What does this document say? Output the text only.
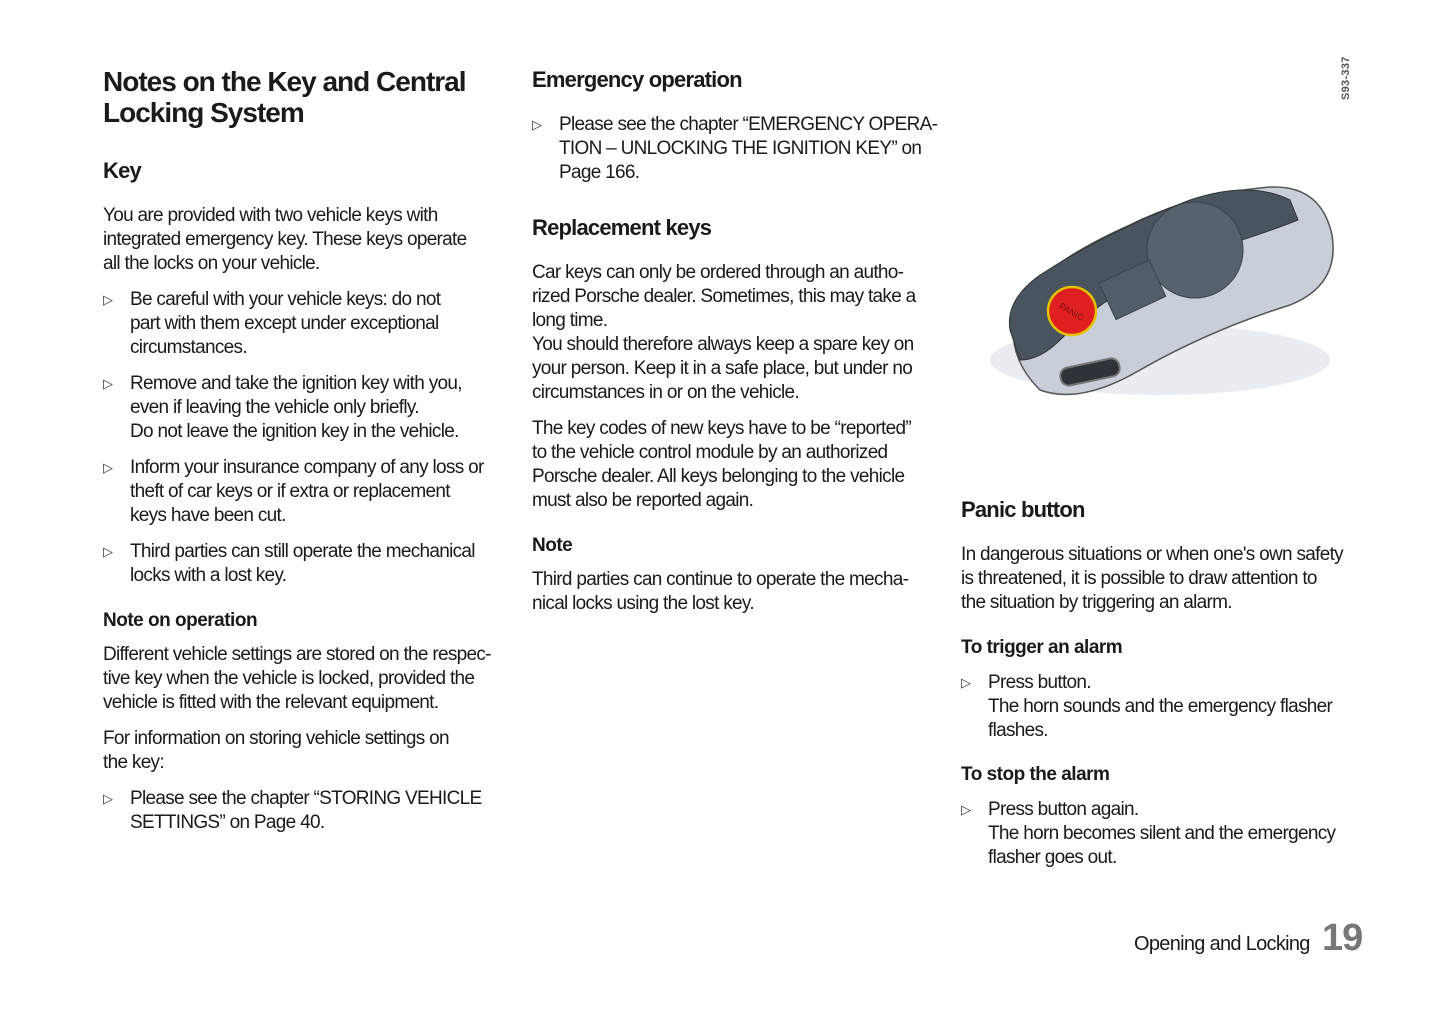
Notes on the Key and Central
Locking System
Key
You are provided with two vehicle keys with
integrated emergency key. These keys operate
all the locks on your vehicle.
▷ Be careful with your vehicle keys: do not
part with them except under exceptional
circumstances.
▷ Remove and take the ignition key with you,
even if leaving the vehicle only briefly.
Do not leave the ignition key in the vehicle.
▷ Inform your insurance company of any loss or
theft of car keys or if extra or replacement
keys have been cut.
▷ Third parties can still operate the mechanical
locks with a lost key.
Note on operation
Different vehicle settings are stored on the respec-
tive key when the vehicle is locked, provided the
vehicle is fitted with the relevant equipment.
For information on storing vehicle settings on
the key:
▷ Please see the chapter “STORING VEHICLE
SETTINGS” on Page 40.
Emergency operation
▷ Please see the chapter “EMERGENCY OPERA-
TION – UNLOCKING THE IGNITION KEY” on
Page 166.
Replacement keys
Car keys can only be ordered through an autho-
rized Porsche dealer. Sometimes, this may take a
long time.
You should therefore always keep a spare key on
your person. Keep it in a safe place, but under no
circumstances in or on the vehicle.
The key codes of new keys have to be “reported”
to the vehicle control module by an authorized
Porsche dealer. All keys belonging to the vehicle
must also be reported again.
Note
Third parties can continue to operate the mecha-
nical locks using the lost key.
PANIC
S93-337
Panic button
In dangerous situations or when one's own safety
is threatened, it is possible to draw attention to
the situation by triggering an alarm.
To trigger an alarm
▷ Press button.
The horn sounds and the emergency flasher
flashes.
To stop the alarm
▷ Press button again.
The horn becomes silent and the emergency
flasher goes out.
Opening and Locking 19
